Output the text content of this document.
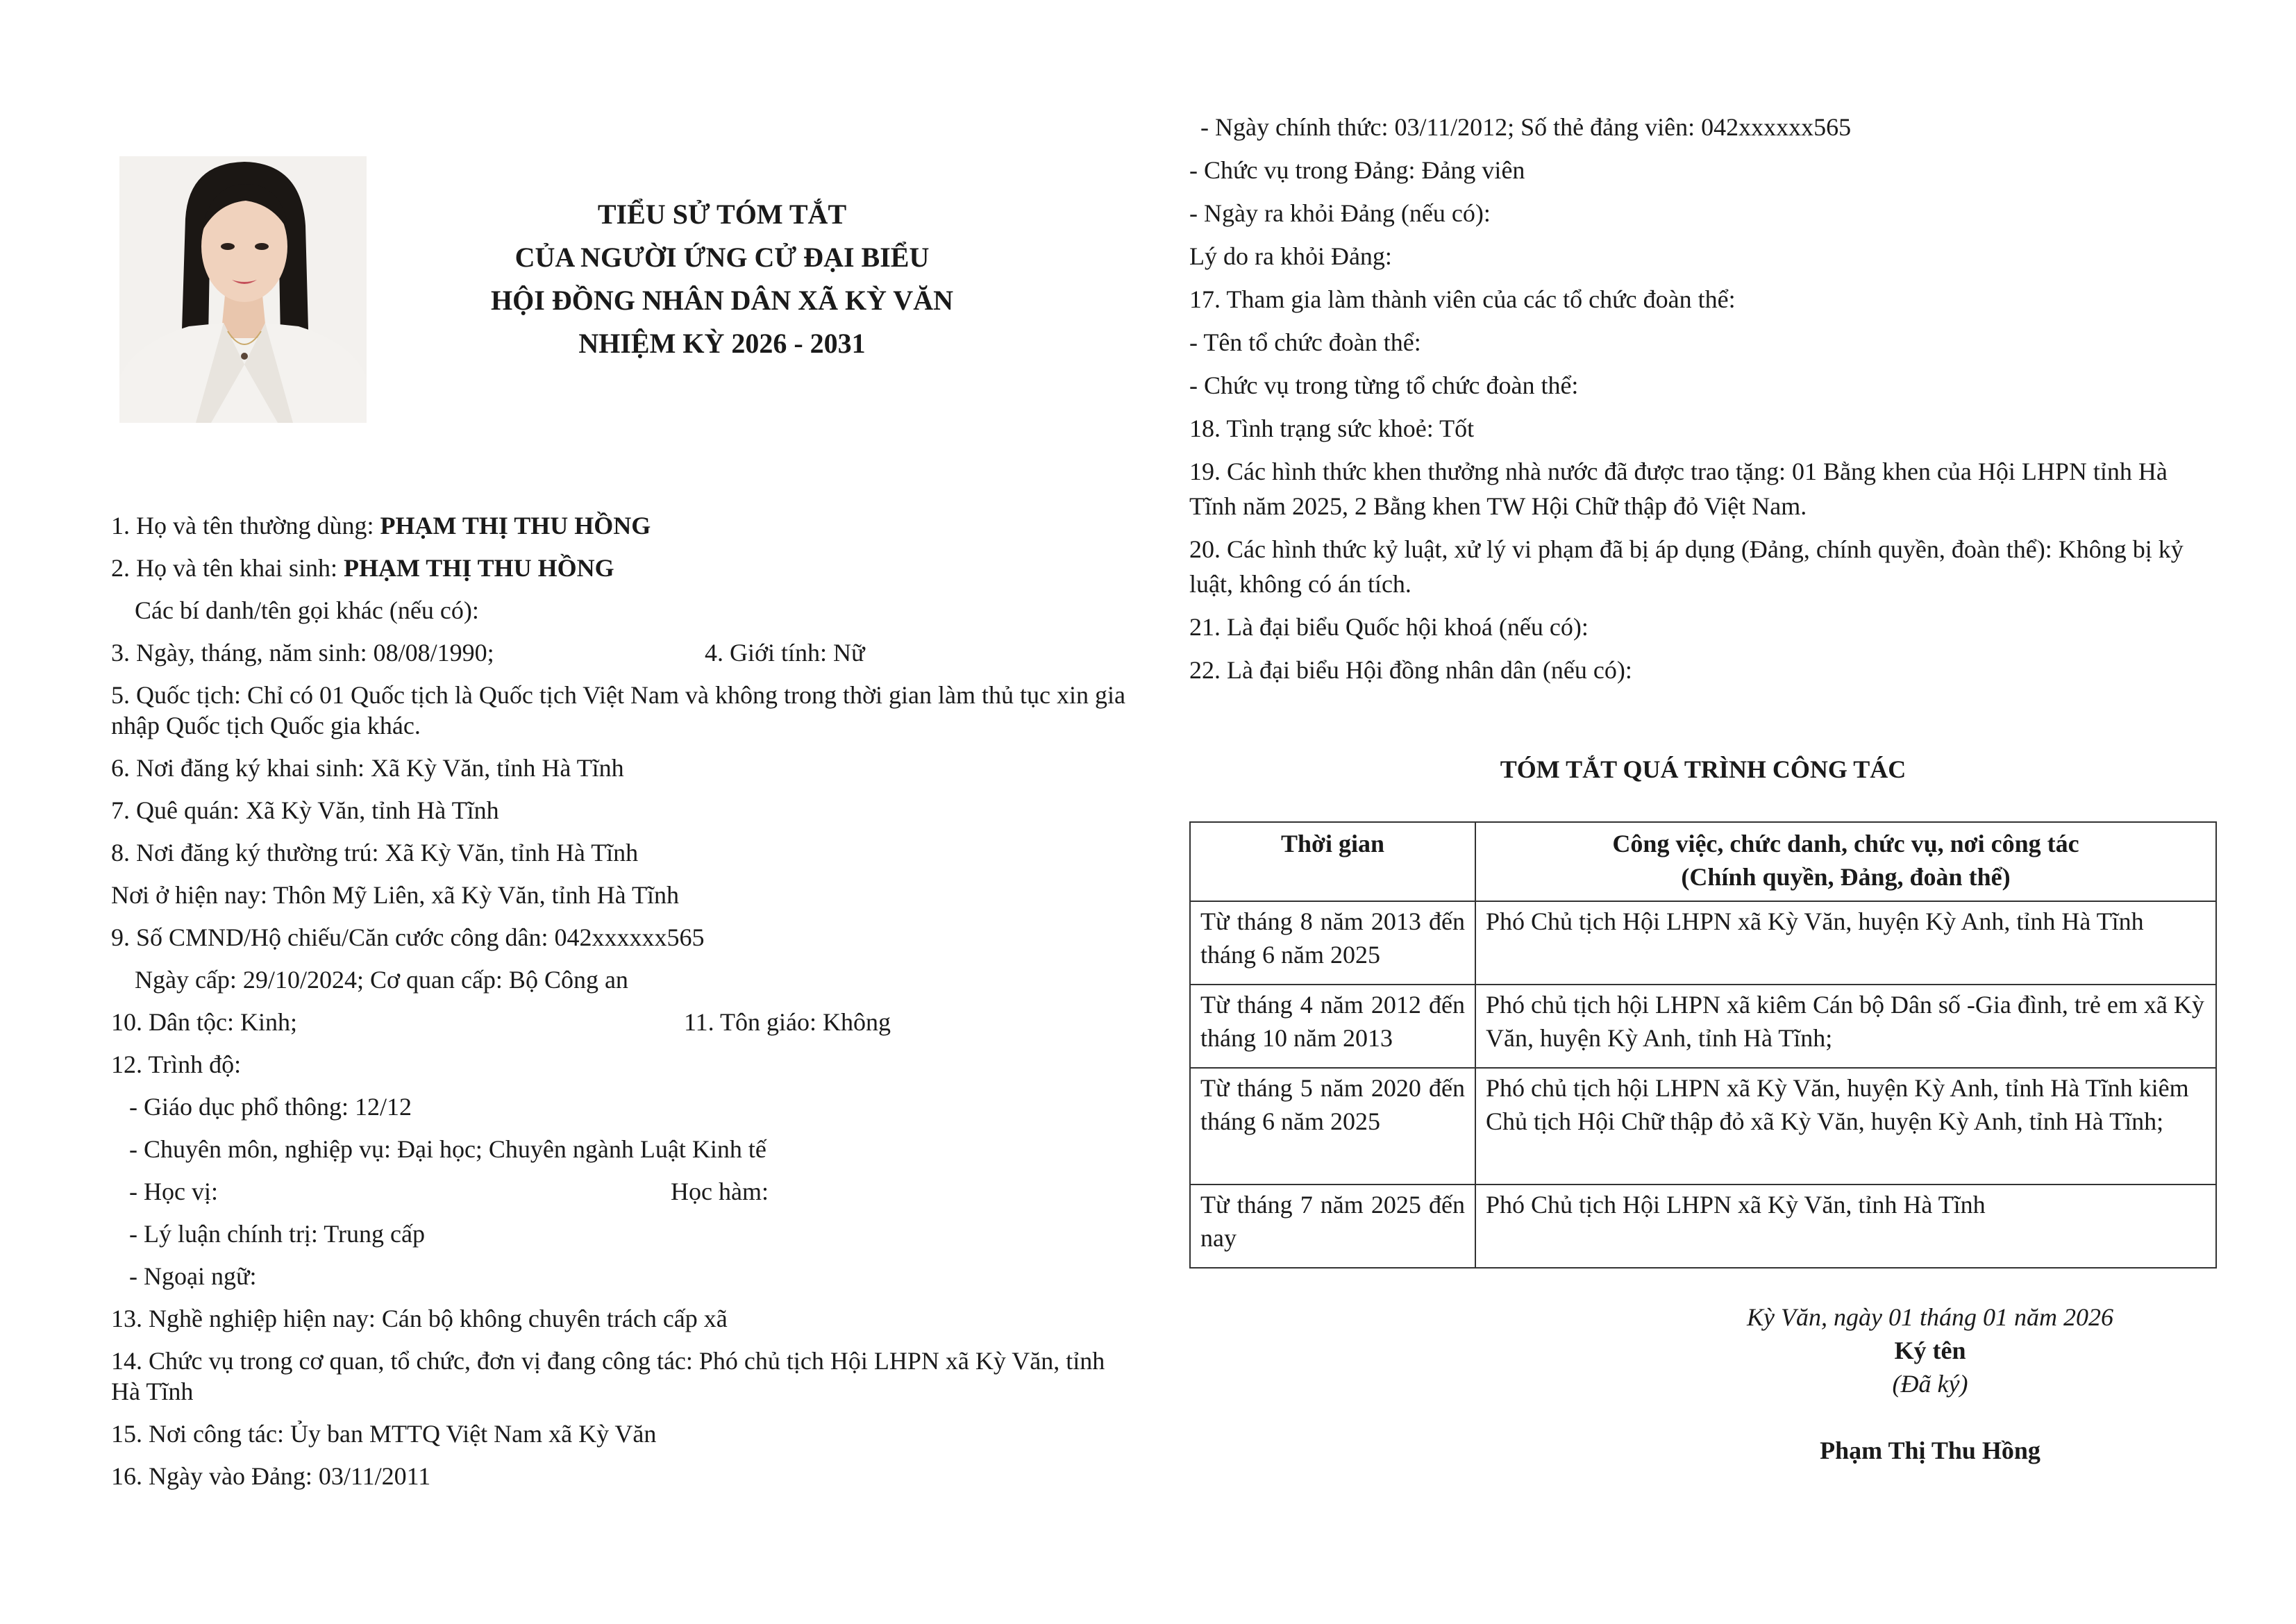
TIỂU SỬ TÓM TẮT
CỦA NGƯỜI ỨNG CỬ ĐẠI BIỂU
HỘI ĐỒNG NHÂN DÂN XÃ KỲ VĂN
NHIỆM KỲ 2026 - 2031
1. Họ và tên thường dùng: PHẠM THỊ THU HỒNG
2. Họ và tên khai sinh: PHẠM THỊ THU HỒNG
Các bí danh/tên gọi khác (nếu có):
3. Ngày, tháng, năm sinh: 08/08/1990;	4. Giới tính: Nữ
5. Quốc tịch: Chỉ có 01 Quốc tịch là Quốc tịch Việt Nam và không trong thời gian làm thủ tục xin gia nhập Quốc tịch Quốc gia khác.
6. Nơi đăng ký khai sinh: Xã Kỳ Văn, tỉnh Hà Tĩnh
7. Quê quán: Xã Kỳ Văn, tỉnh Hà Tĩnh
8. Nơi đăng ký thường trú: Xã Kỳ Văn, tỉnh Hà Tĩnh
Nơi ở hiện nay: Thôn Mỹ Liên, xã Kỳ Văn, tỉnh Hà Tĩnh
9. Số CMND/Hộ chiếu/Căn cước công dân: 042xxxxxx565
Ngày cấp: 29/10/2024; Cơ quan cấp: Bộ Công an
10. Dân tộc: Kinh;	11. Tôn giáo: Không
12. Trình độ:
- Giáo dục phổ thông: 12/12
- Chuyên môn, nghiệp vụ: Đại học; Chuyên ngành Luật Kinh tế
- Học vị:	Học hàm:
- Lý luận chính trị: Trung cấp
- Ngoại ngữ:
13. Nghề nghiệp hiện nay: Cán bộ không chuyên trách cấp xã
14. Chức vụ trong cơ quan, tổ chức, đơn vị đang công tác: Phó chủ tịch Hội LHPN xã Kỳ Văn, tỉnh Hà Tĩnh
15. Nơi công tác: Ủy ban MTTQ Việt Nam xã Kỳ Văn
16. Ngày vào Đảng: 03/11/2011
- Ngày chính thức: 03/11/2012; Số thẻ đảng viên: 042xxxxxx565
- Chức vụ trong Đảng: Đảng viên
- Ngày ra khỏi Đảng (nếu có):
Lý do ra khỏi Đảng:
17. Tham gia làm thành viên của các tổ chức đoàn thể:
- Tên tổ chức đoàn thể:
- Chức vụ trong từng tổ chức đoàn thể:
18. Tình trạng sức khoẻ: Tốt
19. Các hình thức khen thưởng nhà nước đã được trao tặng: 01 Bằng khen của Hội LHPN tỉnh Hà Tĩnh năm 2025, 2 Bằng khen TW Hội Chữ thập đỏ Việt Nam.
20. Các hình thức kỷ luật, xử lý vi phạm đã bị áp dụng (Đảng, chính quyền, đoàn thể): Không bị kỷ luật, không có án tích.
21. Là đại biểu Quốc hội khoá (nếu có):
22. Là đại biểu Hội đồng nhân dân (nếu có):
TÓM TẮT QUÁ TRÌNH CÔNG TÁC
Thời gian	Công việc, chức danh, chức vụ, nơi công tác
(Chính quyền, Đảng, đoàn thể)

Từ tháng 8 năm 2013 đến tháng 6 năm 2025	Phó Chủ tịch Hội LHPN xã Kỳ Văn, huyện Kỳ Anh, tỉnh Hà Tĩnh
Từ tháng 4 năm 2012 đến tháng 10 năm 2013	Phó chủ tịch hội LHPN xã kiêm Cán bộ Dân số -Gia đình, trẻ em xã Kỳ Văn, huyện Kỳ Anh, tỉnh Hà Tĩnh;
Từ tháng 5 năm 2020 đến tháng 6 năm 2025	Phó chủ tịch hội LHPN xã Kỳ Văn, huyện Kỳ Anh, tỉnh Hà Tĩnh kiêm Chủ tịch Hội Chữ thập đỏ xã Kỳ Văn, huyện Kỳ Anh, tỉnh Hà Tĩnh;
Từ tháng 7 năm 2025 đến nay	Phó Chủ tịch Hội LHPN xã Kỳ Văn, tỉnh Hà Tĩnh
Kỳ Văn, ngày 01 tháng 01 năm 2026
Ký tên
(Đã ký)
Phạm Thị Thu Hồng
